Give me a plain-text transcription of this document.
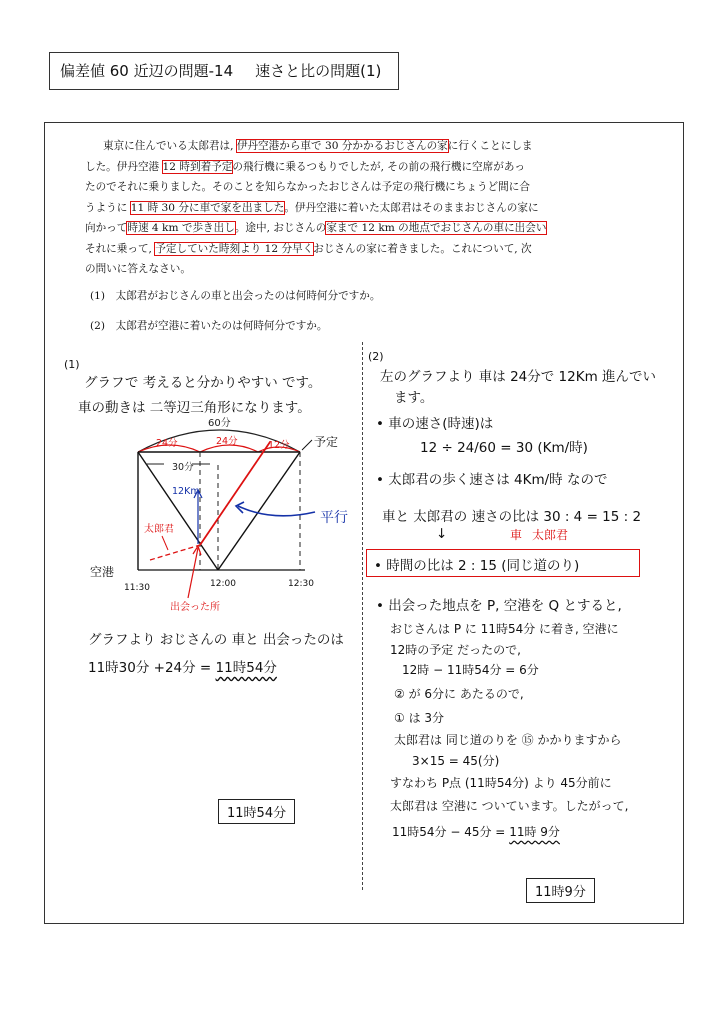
偏差値 60 近辺の問題-14 速さと比の問題(1)
東京に住んでいる太郎君は, 伊丹空港から車で 30 分かかるおじさんの家に行くことにしま
した。伊丹空港 12 時到着予定の飛行機に乗るつもりでしたが, その前の飛行機に空席があっ
たのでそれに乗りました。そのことを知らなかったおじさんは予定の飛行機にちょうど間に合
うように 11 時 30 分に車で家を出ました。伊丹空港に着いた太郎君はそのままおじさんの家に
向かって時速 4 km で歩き出し。途中, おじさんの家まで 12 km の地点でおじさんの車に出会い
それに乗って, 予定していた時刻より 12 分早くおじさんの家に着きました。これについて, 次
の問いに答えなさい。
(1)　太郎君がおじさんの車と出会ったのは何時何分ですか。
(2)　太郎君が空港に着いたのは何時何分ですか。
(1)
グラフで 考えると分かりやすい です。
車の動きは 二等辺三角形になります。
60分
24分	24分	12分
30分
12Km
平行
予定
太郎君
空港
11:30	12:00	12:30
出会った所
グラフより おじさんの 車と 出会ったのは
11時30分 +24分 = 11時54分
11時54分
(2)
左のグラフより 車は 24分で 12Km 進んでい
ます。
• 車の速さ(時速)は
12 ÷ 24/60 = 30 (Km/時)
• 太郎君の歩く速さは 4Km/時 なので
車と 太郎君の 速さの比は 30 : 4 = 15 : 2
↓	車 太郎君
• 時間の比は 2 : 15 (同じ道のり)
• 出会った地点を P, 空港を Q とすると,
おじさんは P に 11時54分 に着き, 空港に
12時の予定 だったので,
12時 − 11時54分 = 6分
② が 6分に あたるので,
① は 3分
太郎君は 同じ道のりを ⑮ かかりますから
3×15 = 45(分)
すなわち P点 (11時54分) より 45分前に
太郎君は 空港に ついています。したがって,
11時54分 − 45分 = 11時 9分
11時9分
